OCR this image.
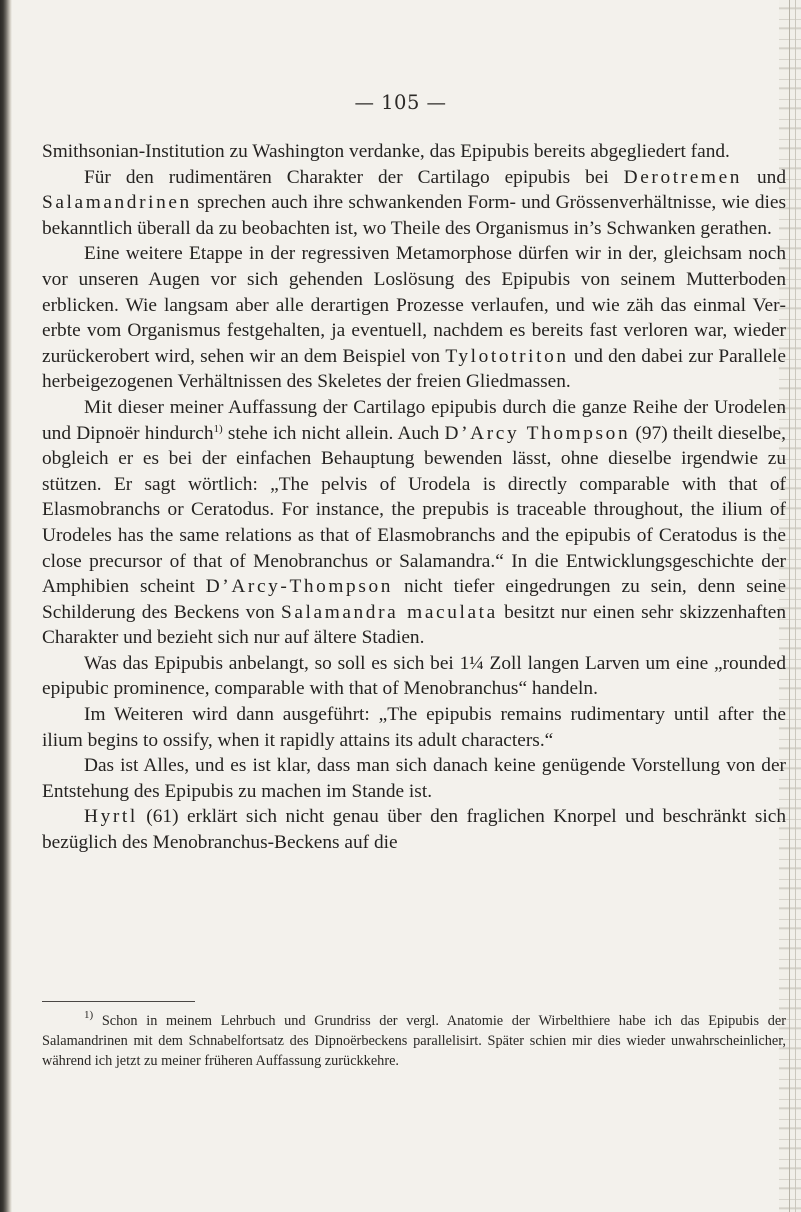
— 105 —

Smithsonian-Institution zu Washington verdanke, das Epipubis bereits abgegliedert fand.

Für den rudimentären Charakter der Cartilago epipubis bei Derotremen und Salamandrinen sprechen auch ihre schwankenden Form- und Grössenverhältnisse, wie dies bekanntlich überall da zu beobachten ist, wo Theile des Organismus in’s Schwanken gerathen.

Eine weitere Etappe in der regressiven Metamorphose dürfen wir in der, gleichsam noch vor unseren Augen vor sich gehenden Loslösung des Epipubis von seinem Mutterboden erblicken. Wie langsam aber alle derartigen Prozesse verlaufen, und wie zäh das einmal Vererbte vom Organismus festgehalten, ja eventuell, nachdem es bereits fast verloren war, wieder zurückerobert wird, sehen wir an dem Beispiel von Tylototriton und den dabei zur Parallele herbeigezogenen Verhältnissen des Skeletes der freien Gliedmassen.

Mit dieser meiner Auffassung der Cartilago epipubis durch die ganze Reihe der Urodelen und Dipnoër hindurch$^{1)}$ stehe ich nicht allein. Auch D’Arcy Thompson (97) theilt dieselbe, obgleich er es bei der einfachen Behauptung bewenden lässt, ohne dieselbe irgendwie zu stützen. Er sagt wörtlich: „The pelvis of Urodela is directly comparable with that of Elasmobranchs or Ceratodus. For instance, the prepubis is traceable throughout, the ilium of Urodeles has the same relations as that of Elasmobranchs and the epipubis of Ceratodus is the close precursor of that of Menobranchus or Salamandra.“ In die Entwicklungsgeschichte der Amphibien scheint D’Arcy-Thompson nicht tiefer eingedrungen zu sein, denn seine Schilderung des Beckens von Salamandra maculata besitzt nur einen sehr skizzenhaften Charakter und bezieht sich nur auf ältere Stadien.

Was das Epipubis anbelangt, so soll es sich bei 1¼ Zoll langen Larven um eine „rounded epipubic prominence, comparable with that of Menobranchus“ handeln.

Im Weiteren wird dann ausgeführt: „The epipubis remains rudimentary until after the ilium begins to ossify, when it rapidly attains its adult characters.“

Das ist Alles, und es ist klar, dass man sich danach keine genügende Vorstellung von der Entstehung des Epipubis zu machen im Stande ist.

Hyrtl (61) erklärt sich nicht genau über den fraglichen Knorpel und beschränkt sich bezüglich des Menobranchus-Beckens auf die

$^{1)}$ Schon in meinem Lehrbuch und Grundriss der vergl. Anatomie der Wirbelthiere habe ich das Epipubis der Salamandrinen mit dem Schnabelfortsatz des Dipnoërbeckens parallelisirt. Später schien mir dies wieder unwahrscheinlicher, während ich jetzt zu meiner früheren Auffassung zurückkehre.
